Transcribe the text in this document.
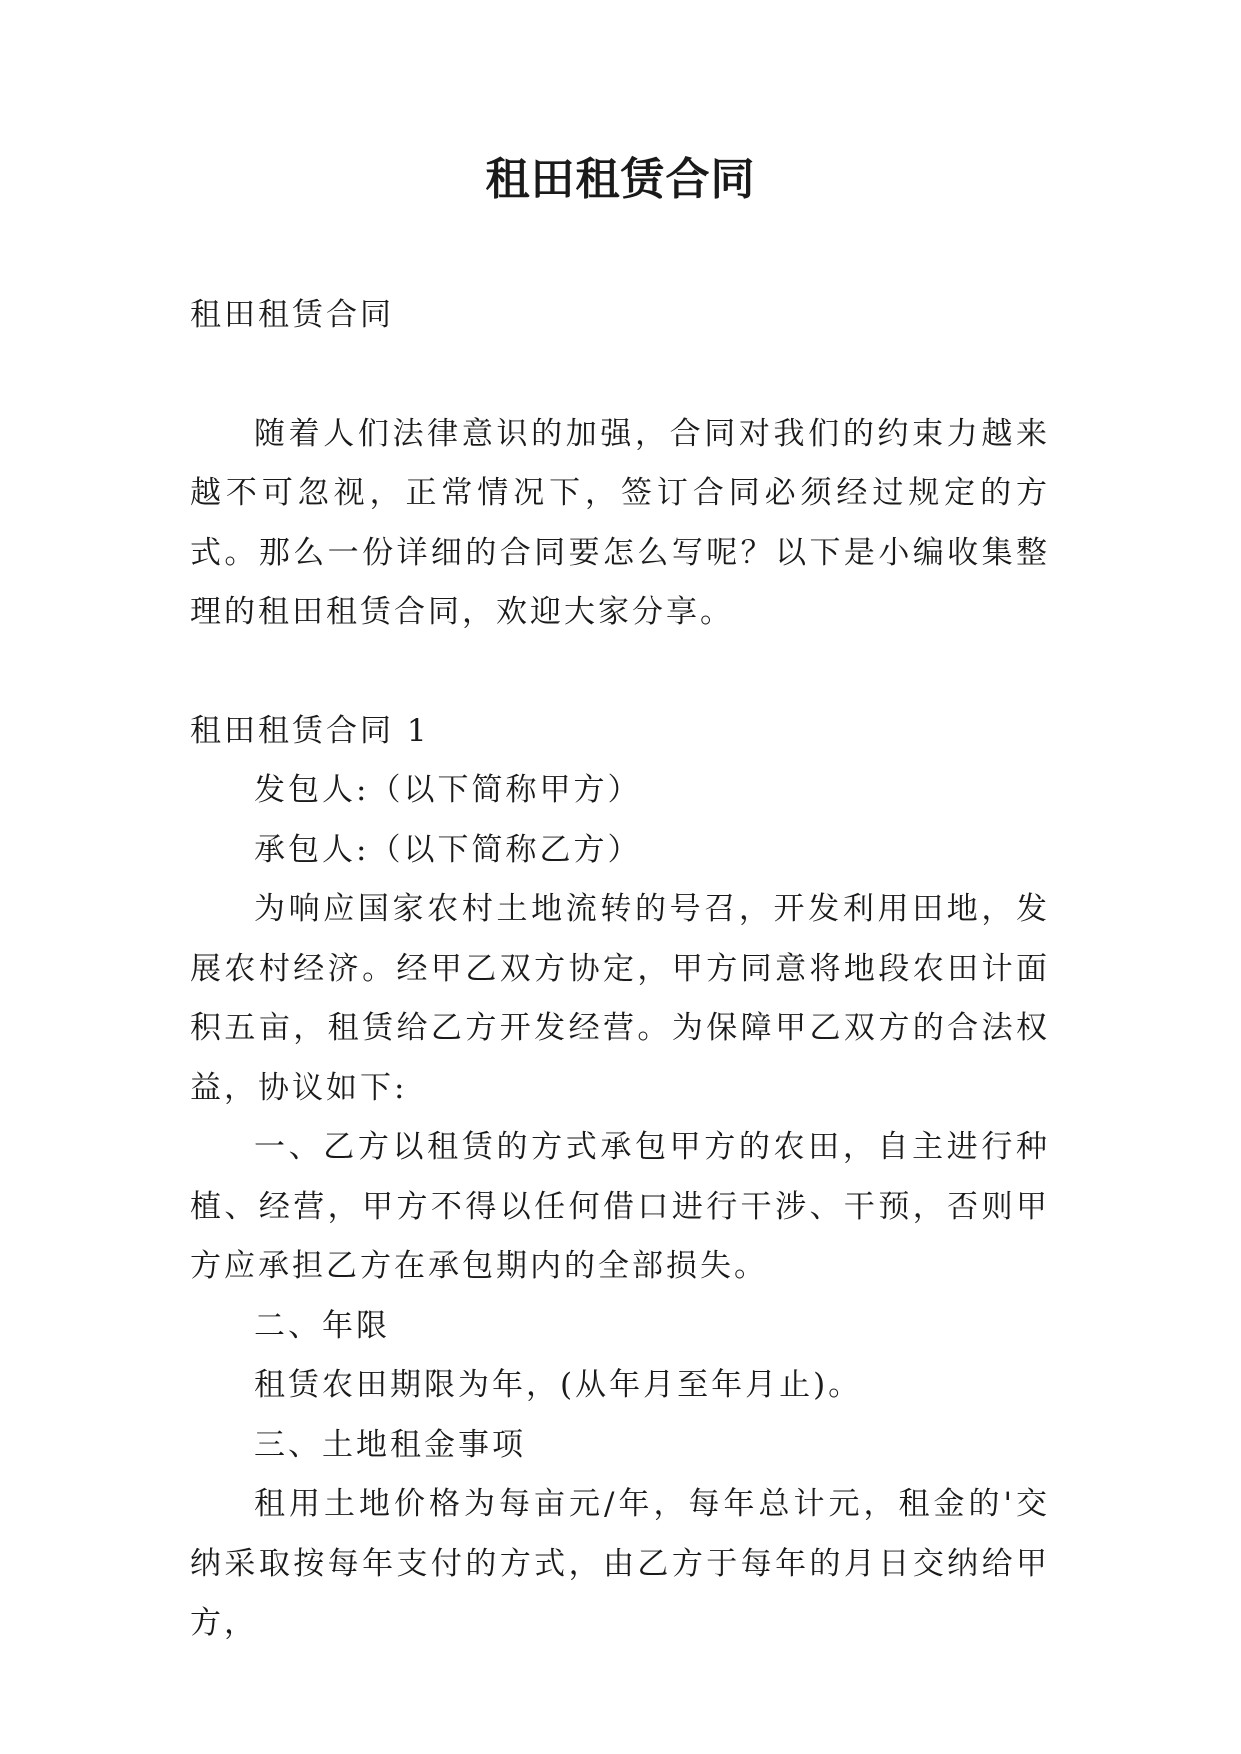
租田租赁合同

租田租赁合同

随着人们法律意识的加强，合同对我们的约束力越来越不可忽视，正常情况下，签订合同必须经过规定的方式。那么一份详细的合同要怎么写呢？以下是小编收集整理的租田租赁合同，欢迎大家分享。

租田租赁合同 1

发包人:（以下简称甲方）

承包人:（以下简称乙方）

为响应国家农村土地流转的号召，开发利用田地，发展农村经济。经甲乙双方协定，甲方同意将地段农田计面积五亩，租赁给乙方开发经营。为保障甲乙双方的合法权益，协议如下:

一、乙方以租赁的方式承包甲方的农田，自主进行种植、经营，甲方不得以任何借口进行干涉、干预，否则甲方应承担乙方在承包期内的全部损失。

二、年限

租赁农田期限为年，(从年月至年月止)。

三、土地租金事项

租用土地价格为每亩元/年，每年总计元，租金的'交纳采取按每年支付的方式，由乙方于每年的月日交纳给甲方，
